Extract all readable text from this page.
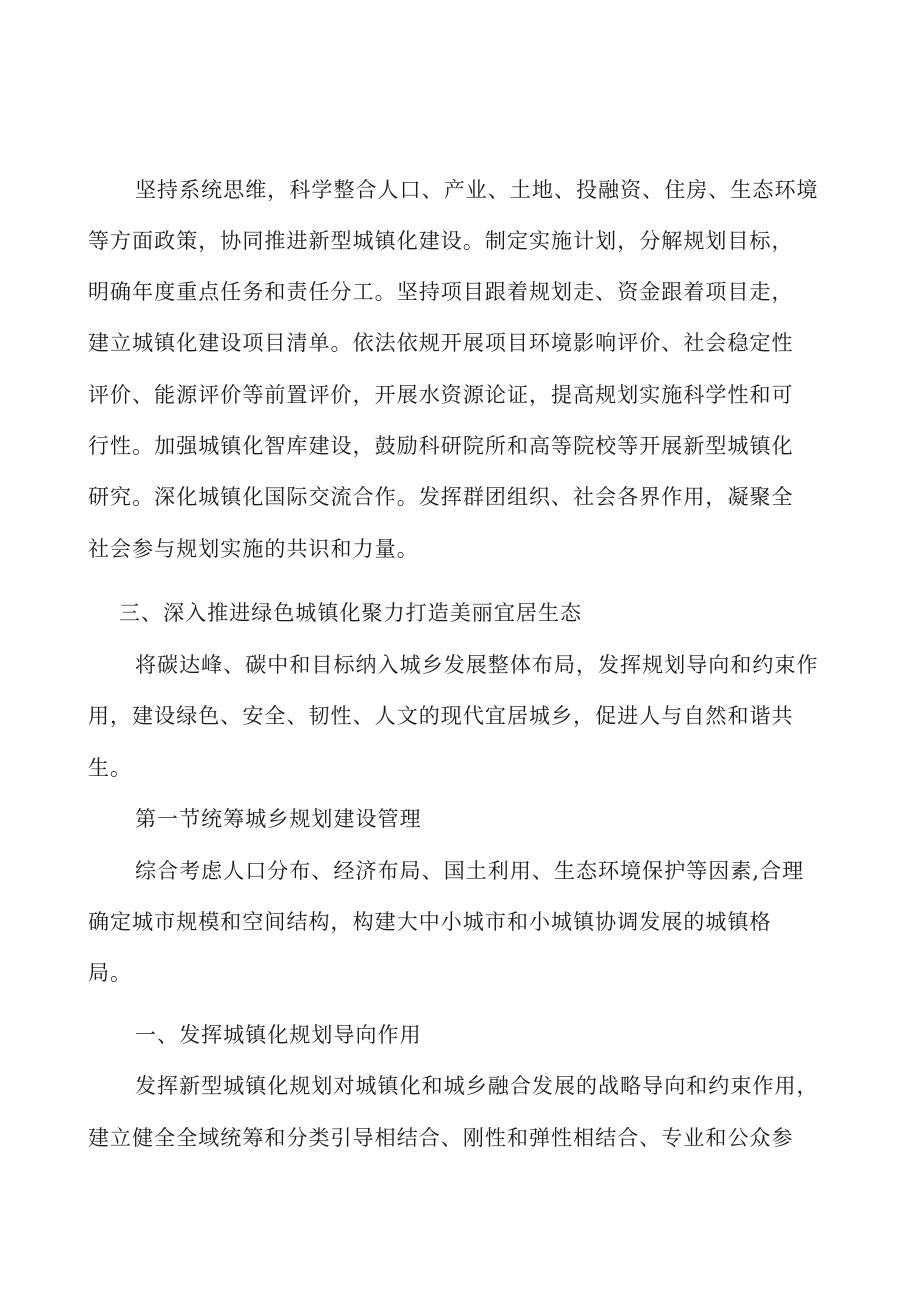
坚持系统思维，科学整合人口、产业、土地、投融资、住房、生态环境
等方面政策，协同推进新型城镇化建设。制定实施计划，分解规划目标，
明确年度重点任务和责任分工。坚持项目跟着规划走、资金跟着项目走，
建立城镇化建设项目清单。依法依规开展项目环境影响评价、社会稳定性
评价、能源评价等前置评价，开展水资源论证，提高规划实施科学性和可
行性。加强城镇化智库建设，鼓励科研院所和高等院校等开展新型城镇化
研究。深化城镇化国际交流合作。发挥群团组织、社会各界作用，凝聚全
社会参与规划实施的共识和力量。
三、深入推进绿色城镇化聚力打造美丽宜居生态
将碳达峰、碳中和目标纳入城乡发展整体布局，发挥规划导向和约束作
用，建设绿色、安全、韧性、人文的现代宜居城乡，促进人与自然和谐共
生。
第一节统筹城乡规划建设管理
综合考虑人口分布、经济布局、国土利用、生态环境保护等因素,合理
确定城市规模和空间结构，构建大中小城市和小城镇协调发展的城镇格
局。
一、发挥城镇化规划导向作用
发挥新型城镇化规划对城镇化和城乡融合发展的战略导向和约束作用，
建立健全全域统筹和分类引导相结合、刚性和弹性相结合、专业和公众参
